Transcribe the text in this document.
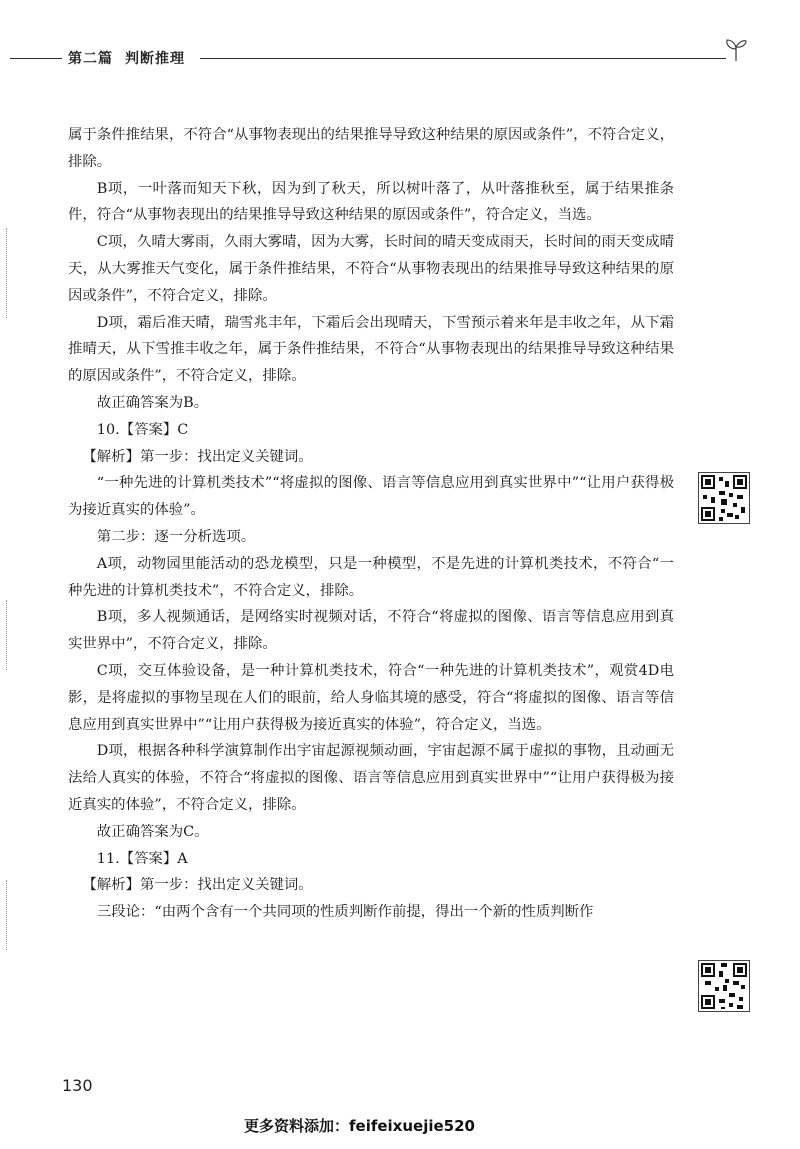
第二篇 判断推理

属于条件推结果，不符合“从事物表现出的结果推导导致这种结果的原因或条件”，不符合定义，排除。

B项，一叶落而知天下秋，因为到了秋天，所以树叶落了，从叶落推秋至，属于结果推条件，符合“从事物表现出的结果推导导致这种结果的原因或条件”，符合定义，当选。

C项，久晴大雾雨，久雨大雾晴，因为大雾，长时间的晴天变成雨天，长时间的雨天变成晴天，从大雾推天气变化，属于条件推结果，不符合“从事物表现出的结果推导导致这种结果的原因或条件”，不符合定义，排除。

D项，霜后准天晴，瑞雪兆丰年，下霜后会出现晴天，下雪预示着来年是丰收之年，从下霜推晴天，从下雪推丰收之年，属于条件推结果，不符合“从事物表现出的结果推导导致这种结果的原因或条件”，不符合定义，排除。

故正确答案为B。

10.【答案】C

【解析】第一步：找出定义关键词。

“一种先进的计算机类技术”“将虚拟的图像、语言等信息应用到真实世界中”“让用户获得极为接近真实的体验”。

第二步：逐一分析选项。

A项，动物园里能活动的恐龙模型，只是一种模型，不是先进的计算机类技术，不符合“一种先进的计算机类技术”，不符合定义，排除。

B项，多人视频通话，是网络实时视频对话，不符合“将虚拟的图像、语言等信息应用到真实世界中”，不符合定义，排除。

C项，交互体验设备，是一种计算机类技术，符合“一种先进的计算机类技术”，观赏4D电影，是将虚拟的事物呈现在人们的眼前，给人身临其境的感受，符合“将虚拟的图像、语言等信息应用到真实世界中”“让用户获得极为接近真实的体验”，符合定义，当选。

D项，根据各种科学演算制作出宇宙起源视频动画，宇宙起源不属于虚拟的事物，且动画无法给人真实的体验，不符合“将虚拟的图像、语言等信息应用到真实世界中”“让用户获得极为接近真实的体验”，不符合定义，排除。

故正确答案为C。

11.【答案】A

【解析】第一步：找出定义关键词。

三段论：“由两个含有一个共同项的性质判断作前提，得出一个新的性质判断作

130
更多资料添加：feifeixuejie520
